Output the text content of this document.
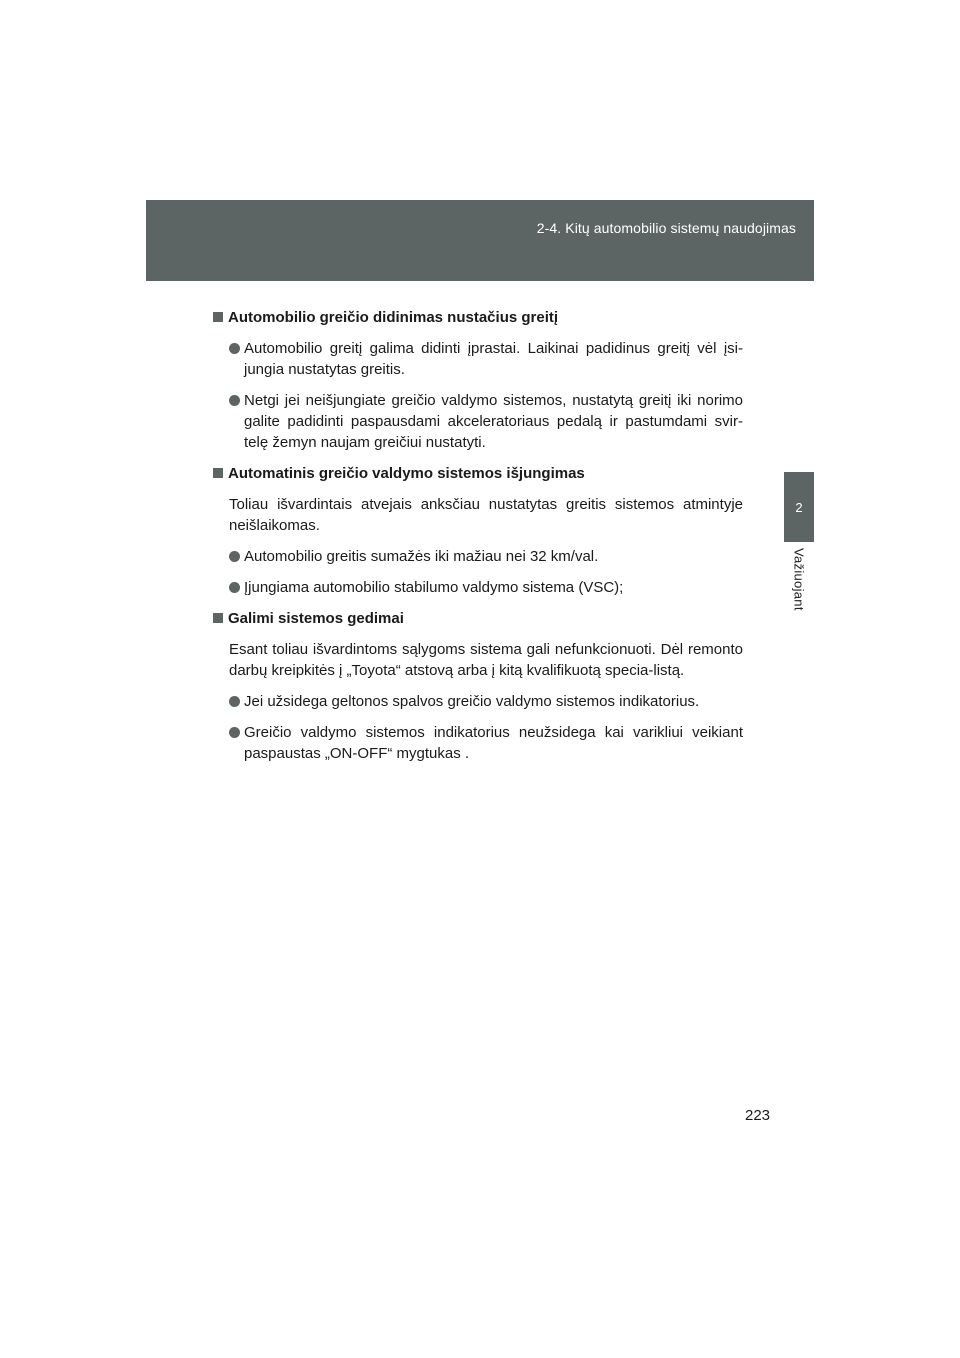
2-4. Kitų automobilio sistemų naudojimas
2
Važiuojant
Automobilio greičio didinimas nustačius greitį
Automobilio greitį galima didinti įprastai. Laikinai padidinus greitį vėl įsi-jungia nustatytas greitis.
Netgi jei neišjungiate greičio valdymo sistemos, nustatytą greitį iki norimo galite padidinti paspausdami akceleratoriaus pedalą ir pastumdami svir-telę žemyn naujam greičiui nustatyti.
Automatinis greičio valdymo sistemos išjungimas
Toliau išvardintais atvejais anksčiau nustatytas greitis sistemos atmintyje neišlaikomas.
Automobilio greitis sumažės iki mažiau nei 32 km/val.
Įjungiama automobilio stabilumo valdymo sistema (VSC);
Galimi sistemos gedimai
Esant toliau išvardintoms sąlygoms sistema gali nefunkcionuoti. Dėl remonto darbų kreipkitės į „Toyota“ atstovą arba į kitą kvalifikuotą specia-listą.
Jei užsidega geltonos spalvos greičio valdymo sistemos indikatorius.
Greičio valdymo sistemos indikatorius neužsidega kai varikliui veikiant paspaustas „ON-OFF“ mygtukas .
223
